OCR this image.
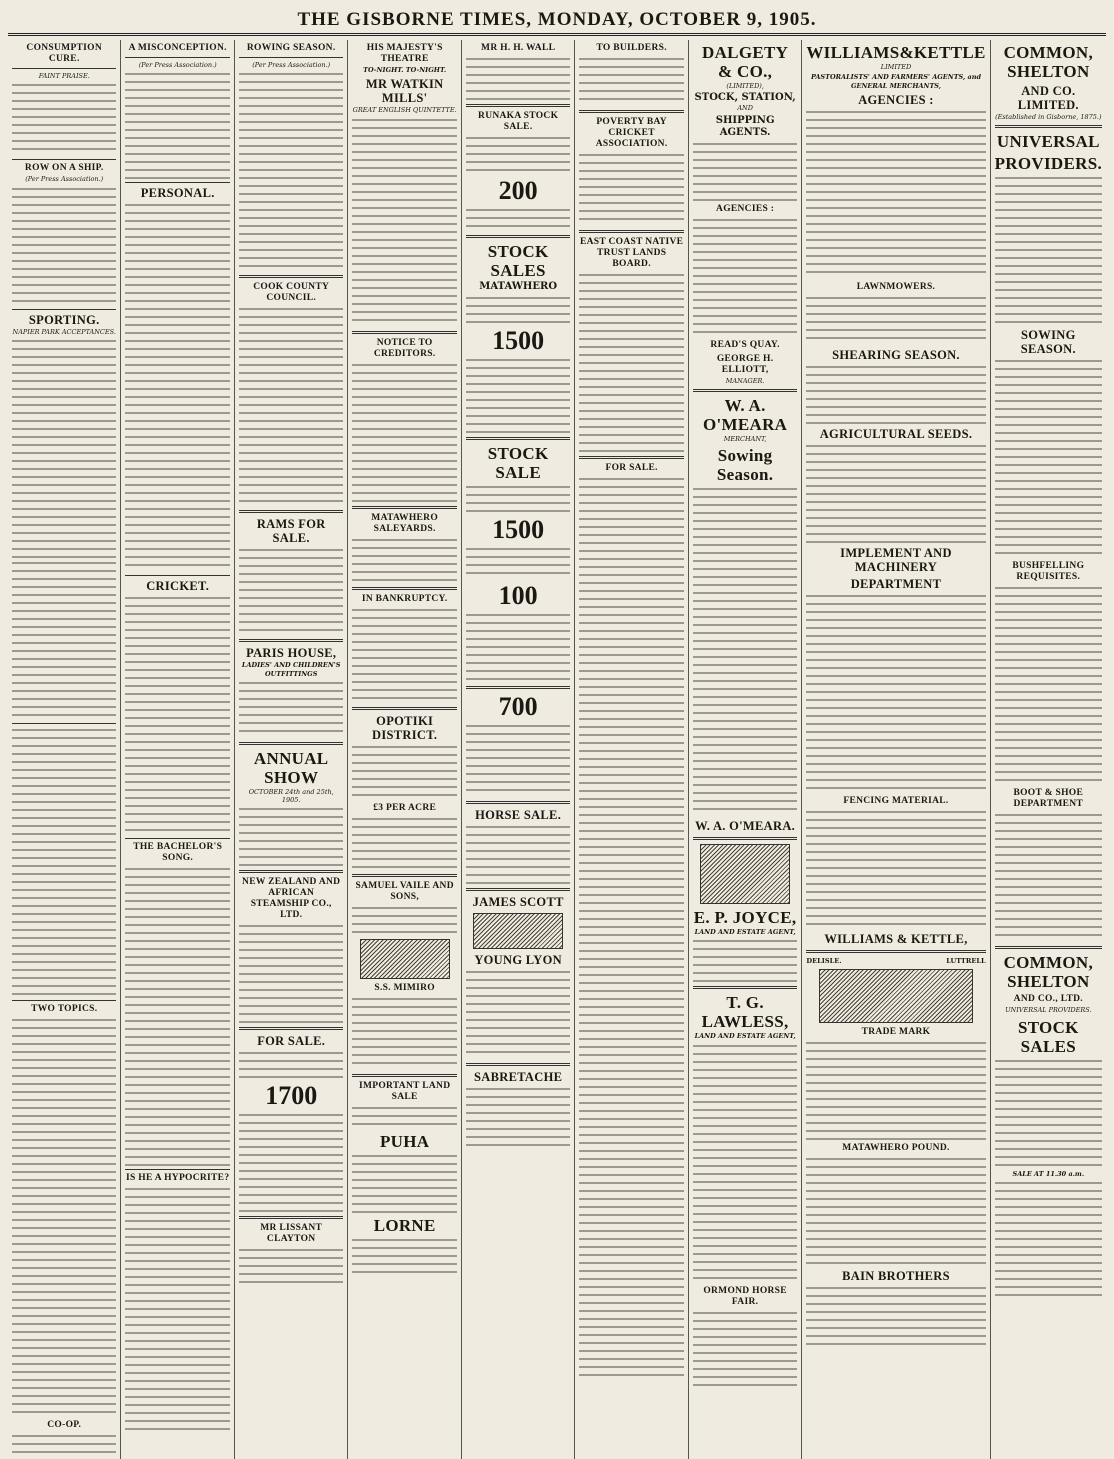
THE GISBORNE TIMES, MONDAY, OCTOBER 9, 1905.
CONSUMPTION CURE.
FAINT PRAISE.
ROW ON A SHIP.
(Per Press Association.)
SPORTING.
NAPIER PARK ACCEPTANCES.
TWO TOPICS.
CO-OP.
A MISCONCEPTION.
(Per Press Association.)
PERSONAL.
CRICKET.
THE BACHELOR'S SONG.
IS HE A HYPOCRITE?
ROWING SEASON.
(Per Press Association.)
COOK COUNTY COUNCIL.
RAMS FOR SALE.
PARIS HOUSE,
LADIES' AND CHILDREN'S OUTFITTINGS
ANNUAL SHOW
OCTOBER 24th and 25th, 1905.
NEW ZEALAND AND AFRICAN STEAMSHIP CO., LTD.
FOR SALE.
1700
MR LISSANT CLAYTON
HIS MAJESTY'S THEATRE
TO-NIGHT. TO-NIGHT.
MR WATKIN MILLS'
GREAT ENGLISH QUINTETTE.
NOTICE TO CREDITORS.
MATAWHERO SALEYARDS.
IN BANKRUPTCY.
OPOTIKI DISTRICT.
£3 PER ACRE
SAMUEL VAILE AND SONS,
S.S. MIMIRO
IMPORTANT LAND SALE
PUHA
LORNE
MR H. H. WALL
RUNAKA STOCK SALE.
200
STOCK SALES
MATAWHERO
1500
STOCK SALE
1500
100
700
HORSE SALE.
JAMES SCOTT
YOUNG LYON
SABRETACHE
TO BUILDERS.
POVERTY BAY CRICKET ASSOCIATION.
EAST COAST NATIVE TRUST LANDS BOARD.
FOR SALE.
DALGETY & CO.,
(LIMITED),
STOCK, STATION,
AND
SHIPPING AGENTS.
AGENCIES :
READ'S QUAY.
GEORGE H. ELLIOTT,
MANAGER.
W. A. O'MEARA
MERCHANT,
Sowing Season.
W. A. O'MEARA.
E. P. JOYCE,
LAND AND ESTATE AGENT,
T. G. LAWLESS,
LAND AND ESTATE AGENT,
ORMOND HORSE FAIR.
WILLIAMS&KETTLE
LIMITED
PASTORALISTS' AND FARMERS' AGENTS, and GENERAL MERCHANTS,
AGENCIES :
LAWNMOWERS.
SHEARING SEASON.
AGRICULTURAL SEEDS.
IMPLEMENT AND MACHINERY
DEPARTMENT
FENCING MATERIAL.
WILLIAMS & KETTLE,
DELISLE.	LUTTRELL
TRADE MARK
MATAWHERO POUND.
BAIN BROTHERS
COMMON, SHELTON
AND CO. LIMITED.
(Established in Gisborne, 1875.)
UNIVERSAL
PROVIDERS.
SOWING SEASON.
BUSHFELLING REQUISITES.
BOOT & SHOE DEPARTMENT
COMMON, SHELTON
AND CO., LTD.
UNIVERSAL PROVIDERS.
STOCK SALES
SALE AT 11.30 a.m.
